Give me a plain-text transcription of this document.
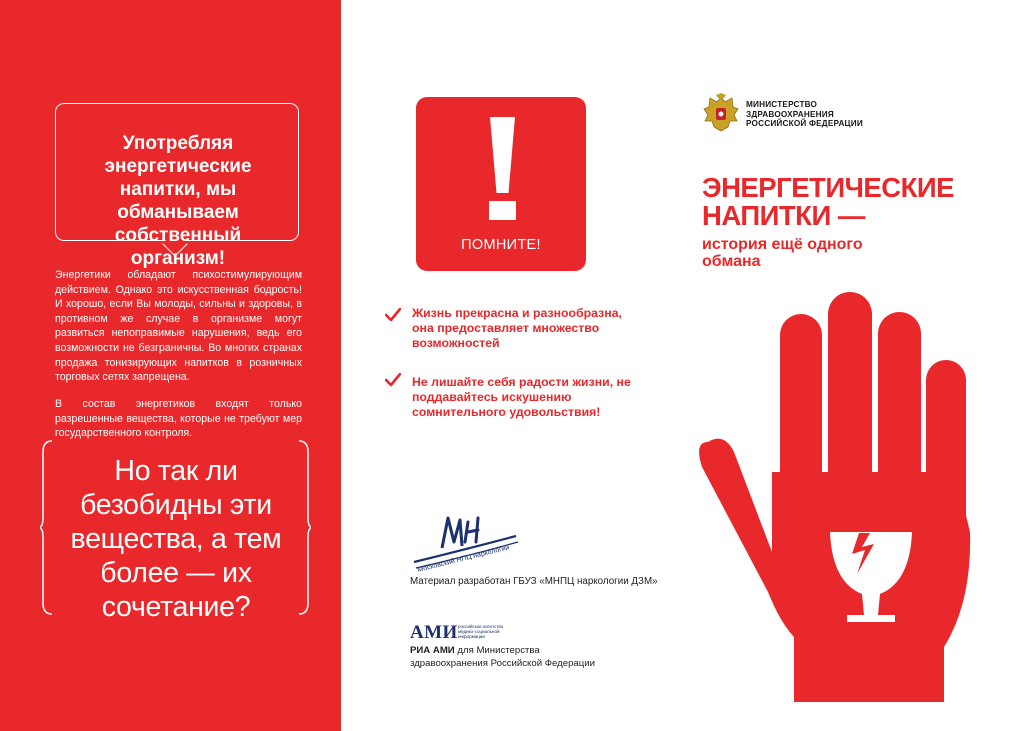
Употребляя энергетические напитки, мы обманываем собственный организм!
Энергетики обладают психостимулирующим действием. Однако это искусственная бодрость! И хорошо, если Вы молоды, сильны и здоровы, в противном же случае в организме могут развиться непоправимые нарушения, ведь его возможности не безграничны. Во многих странах продажа тонизирующих напитков в розничных торговых сетях запрещена.
В состав энергетиков входят только разрешенные вещества, которые не требуют мер государственного контроля.
Но так ли безобидны эти вещества, а тем более — их сочетание?
ПОМНИТЕ!
Жизнь прекрасна и разнообразна, она предоставляет множество возможностей
Не лишайте себя радости жизни, не поддавайтесь искушению сомнительного удовольствия!
Московский НПЦ наркологии
Материал разработан ГБУЗ «МНПЦ наркологии ДЗМ»
АМИ российское агентство медико-социальной информации
РИА АМИ для Министерства здравоохранения Российской Федерации
МИНИСТЕРСТВО
ЗДРАВООХРАНЕНИЯ
РОССИЙСКОЙ ФЕДЕРАЦИИ
ЭНЕРГЕТИЧЕСКИЕ
НАПИТКИ —
история ещё одного
обмана
